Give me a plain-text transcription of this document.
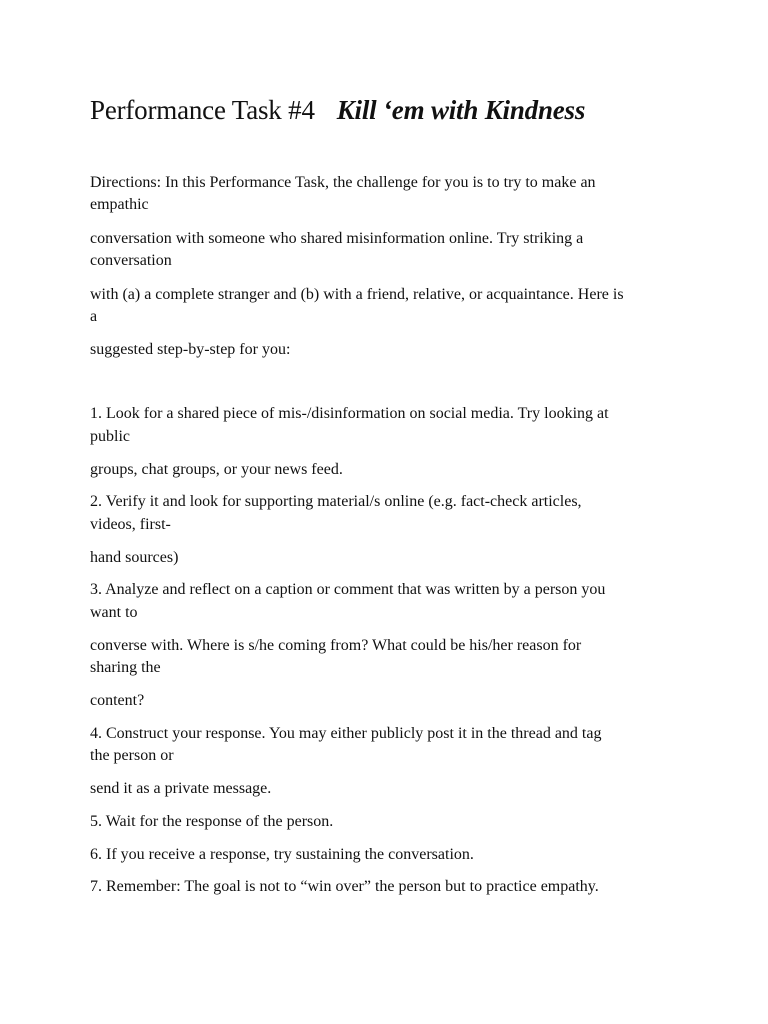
Performance Task #4 Kill ‘em with Kindness
Directions: In this Performance Task, the challenge for you is to try to make an
empathic
conversation with someone who shared misinformation online. Try striking a
conversation
with (a) a complete stranger and (b) with a friend, relative, or acquaintance. Here is
a
suggested step-by-step for you:
1. Look for a shared piece of mis-/disinformation on social media. Try looking at
public
groups, chat groups, or your news feed.
2. Verify it and look for supporting material/s online (e.g. fact-check articles,
videos, first-
hand sources)
3. Analyze and reflect on a caption or comment that was written by a person you
want to
converse with. Where is s/he coming from? What could be his/her reason for
sharing the
content?
4. Construct your response. You may either publicly post it in the thread and tag
the person or
send it as a private message.
5. Wait for the response of the person.
6. If you receive a response, try sustaining the conversation.
7. Remember: The goal is not to “win over” the person but to practice empathy.
